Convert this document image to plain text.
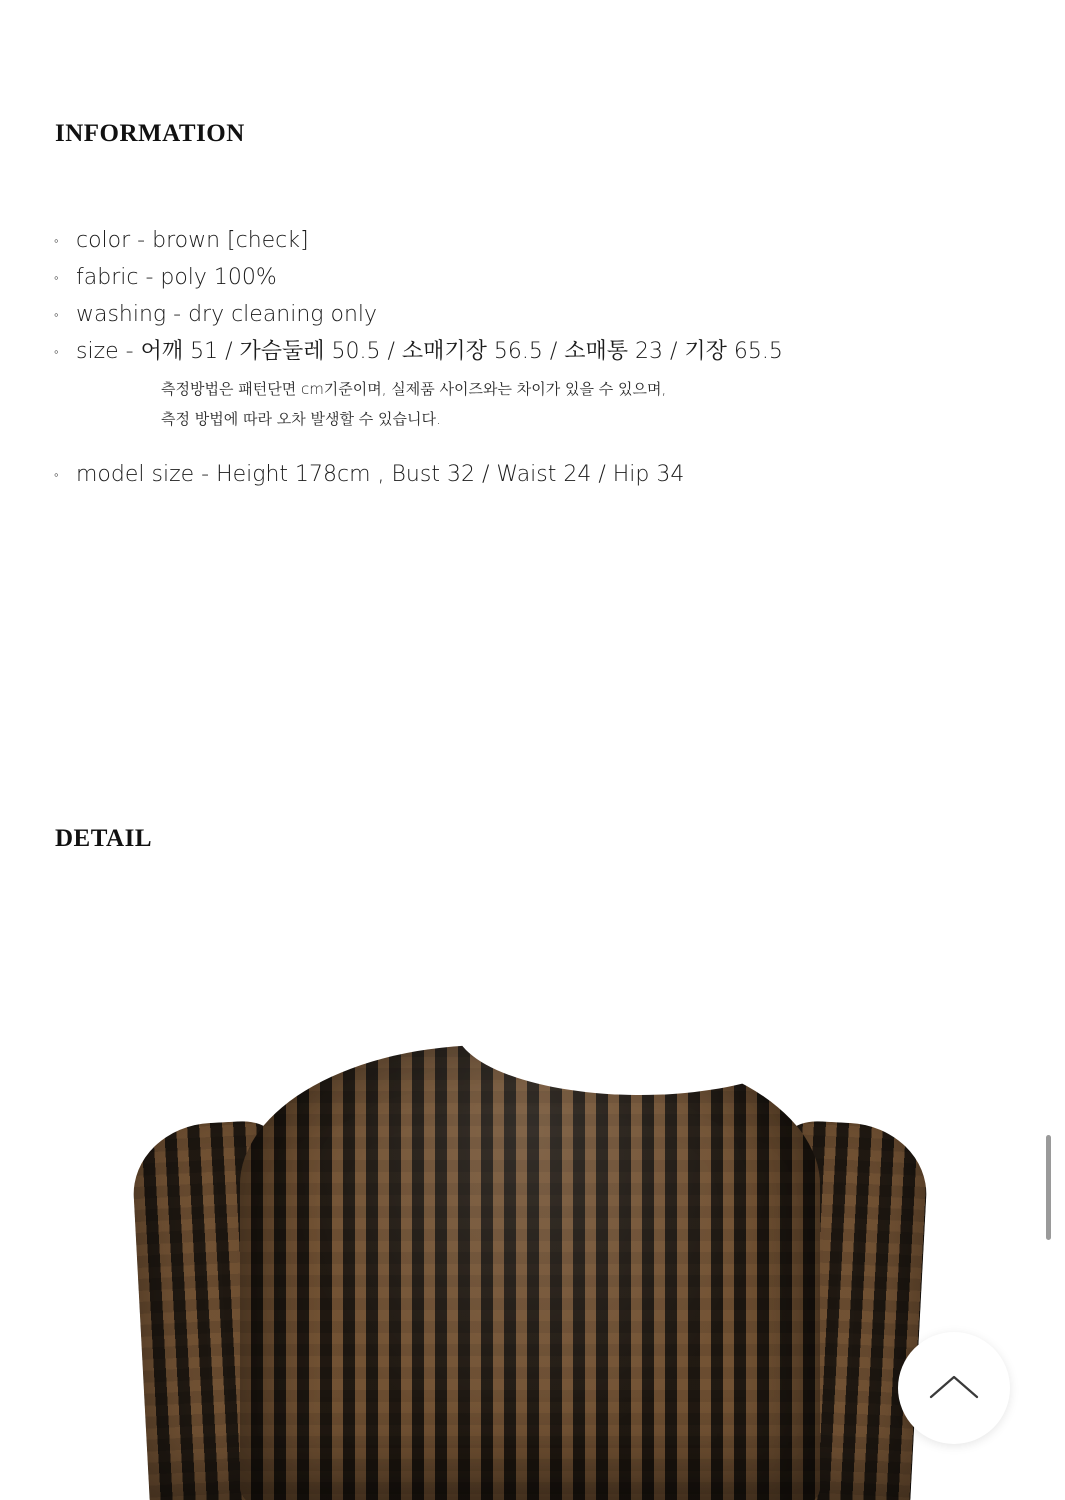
INFORMATION
◦ color - brown [check]
◦ fabric - poly 100%
◦ washing - dry cleaning only
◦ size - 어깨 51 / 가슴둘레 50.5 / 소매기장 56.5 / 소매통 23 / 기장 65.5
측정방법은 패턴단면 cm기준이며, 실제품 사이즈와는 차이가 있을 수 있으며,
측정 방법에 따라 오차 발생할 수 있습니다.
◦ model size - Height 178cm , Bust 32 / Waist 24 / Hip 34
DETAIL
